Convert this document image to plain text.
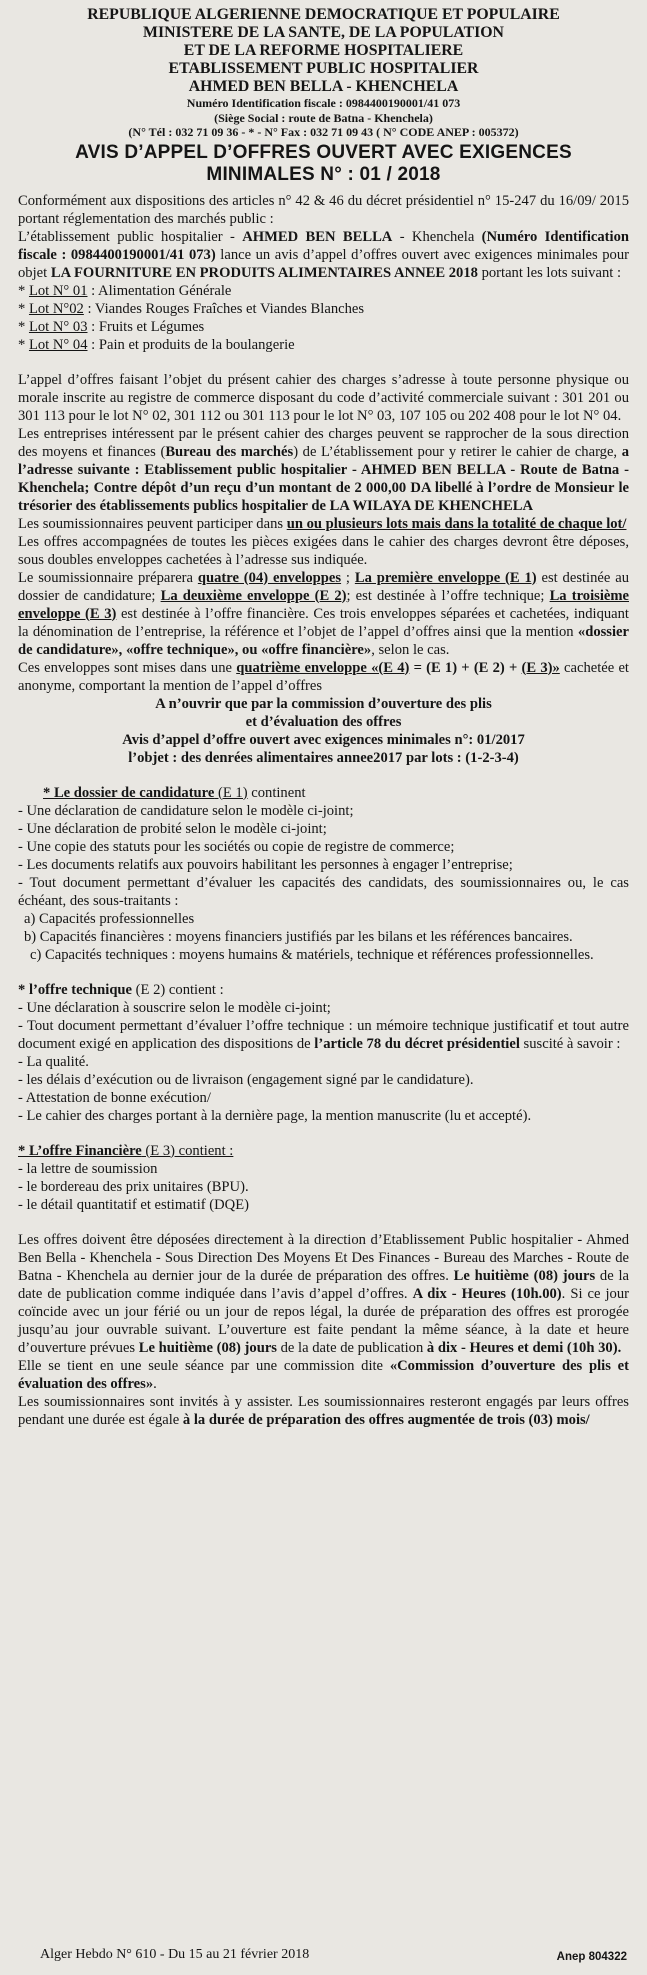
REPUBLIQUE ALGERIENNE DEMOCRATIQUE ET POPULAIRE
MINISTERE DE LA SANTE, DE LA POPULATION
ET DE LA REFORME HOSPITALIERE
ETABLISSEMENT PUBLIC HOSPITALIER
AHMED BEN BELLA - KHENCHELA
Numéro Identification fiscale : 0984400190001/41 073
(Siège Social : route de Batna - Khenchela)
(N° Tél : 032 71 09 36 - * - N° Fax : 032 71 09 43 ( N° CODE ANEP : 005372)
AVIS D’APPEL D’OFFRES OUVERT AVEC EXIGENCES
MINIMALES N° : 01 / 2018

Conformément aux dispositions des articles n° 42 & 46 du décret présidentiel n° 15-247 du 16/09/ 2015 portant réglementation des marchés public :

L’établissement public hospitalier - AHMED BEN BELLA - Khenchela (Numéro Identification fiscale : 0984400190001/41 073) lance un avis d’appel d’offres ouvert avec exigences minimales pour objet LA FOURNITURE EN PRODUITS ALIMENTAIRES ANNEE 2018 portant les lots suivant :

* Lot N° 01 : Alimentation Générale
* Lot N°02 : Viandes Rouges Fraîches et Viandes Blanches
* Lot N° 03 : Fruits et Légumes
* Lot N° 04 : Pain et produits de la boulangerie

L’appel d’offres faisant l’objet du présent cahier des charges s’adresse à toute personne physique ou morale inscrite au registre de commerce disposant du code d’activité commerciale suivant : 301 201 ou 301 113 pour le lot N° 02, 301 112 ou 301 113 pour le lot N° 03, 107 105 ou 202 408 pour le lot N° 04.

Les entreprises intéressent par le présent cahier des charges peuvent se rapprocher de la sous direction des moyens et finances (Bureau des marchés) de L’établissement pour y retirer le cahier de charge, a l’adresse suivante : Etablissement public hospitalier - AHMED BEN BELLA - Route de Batna - Khenchela; Contre dépôt d’un reçu d’un montant de 2 000,00 DA libellé à l’ordre de Monsieur le trésorier des établissements publics hospitalier de LA WILAYA DE KHENCHELA

Les soumissionnaires peuvent participer dans un ou plusieurs lots mais dans la totalité de chaque lot/

Les offres accompagnées de toutes les pièces exigées dans le cahier des charges devront être déposes, sous doubles enveloppes cachetées à l’adresse sus indiquée.

Le soumissionnaire préparera quatre (04) enveloppes ; La première enveloppe (E 1) est destinée au dossier de candidature; La deuxième enveloppe (E 2); est destinée à l’offre technique; La troisième enveloppe (E 3) est destinée à l’offre financière. Ces trois enveloppes séparées et cachetées, indiquant la dénomination de l’entreprise, la référence et l’objet de l’appel d’offres ainsi que la mention «dossier de candidature», «offre technique», ou «offre financière», selon le cas.

Ces enveloppes sont mises dans une quatrième enveloppe «(E 4) = (E 1) + (E 2) + (E 3)» cachetée et anonyme, comportant la mention de l’appel d’offres

A n’ouvrir que par la commission d’ouverture des plis
et d’évaluation des offres
Avis d’appel d’offre ouvert avec exigences minimales n°: 01/2017
l’objet : des denrées alimentaires annee2017 par lots : (1-2-3-4)
* Le dossier de candidature (E 1) continent

- Une déclaration de candidature selon le modèle ci-joint;

- Une déclaration de probité selon le modèle ci-joint;

- Une copie des statuts pour les sociétés ou copie de registre de commerce;

- Les documents relatifs aux pouvoirs habilitant les personnes à engager l’entreprise;

- Tout document permettant d’évaluer les capacités des candidats, des soumissionnaires ou, le cas échéant, des sous-traitants :

a) Capacités professionnelles

b) Capacités financières : moyens financiers justifiés par les bilans et les références bancaires.

c) Capacités techniques : moyens humains & matériels, technique et références professionnelles.

* l’offre technique (E 2) contient :

- Une déclaration à souscrire selon le modèle ci-joint;

- Tout document permettant d’évaluer l’offre technique : un mémoire technique justificatif et tout autre document exigé en application des dispositions de l’article 78 du décret présidentiel suscité à savoir :

- La qualité.

- les délais d’exécution ou de livraison (engagement signé par le candidature).

- Attestation de bonne exécution/

- Le cahier des charges portant à la dernière page, la mention manuscrite (lu et accepté).

* L’offre Financière (E 3) contient :

- la lettre de soumission

- le bordereau des prix unitaires (BPU).

- le détail quantitatif et estimatif (DQE)

Les offres doivent être déposées directement à la direction d’Etablissement Public hospitalier - Ahmed Ben Bella - Khenchela - Sous Direction Des Moyens Et Des Finances - Bureau des Marches - Route de Batna - Khenchela au dernier jour de la durée de préparation des offres. Le huitième (08) jours de la date de publication comme indiquée dans l’avis d’appel d’offres. A dix - Heures (10h.00). Si ce jour coïncide avec un jour férié ou un jour de repos légal, la durée de préparation des offres est prorogée jusqu’au jour ouvrable suivant. L’ouverture est faite pendant la même séance, à la date et heure d’ouverture prévues Le huitième (08) jours de la date de publication à dix - Heures et demi (10h 30).

Elle se tient en une seule séance par une commission dite «Commission d’ouverture des plis et évaluation des offres».

Les soumissionnaires sont invités à y assister. Les soumissionnaires resteront engagés par leurs offres pendant une durée est égale à la durée de préparation des offres augmentée de trois (03) mois/

Alger Hebdo N° 610 - Du 15 au 21 février 2018	Anep 804322
